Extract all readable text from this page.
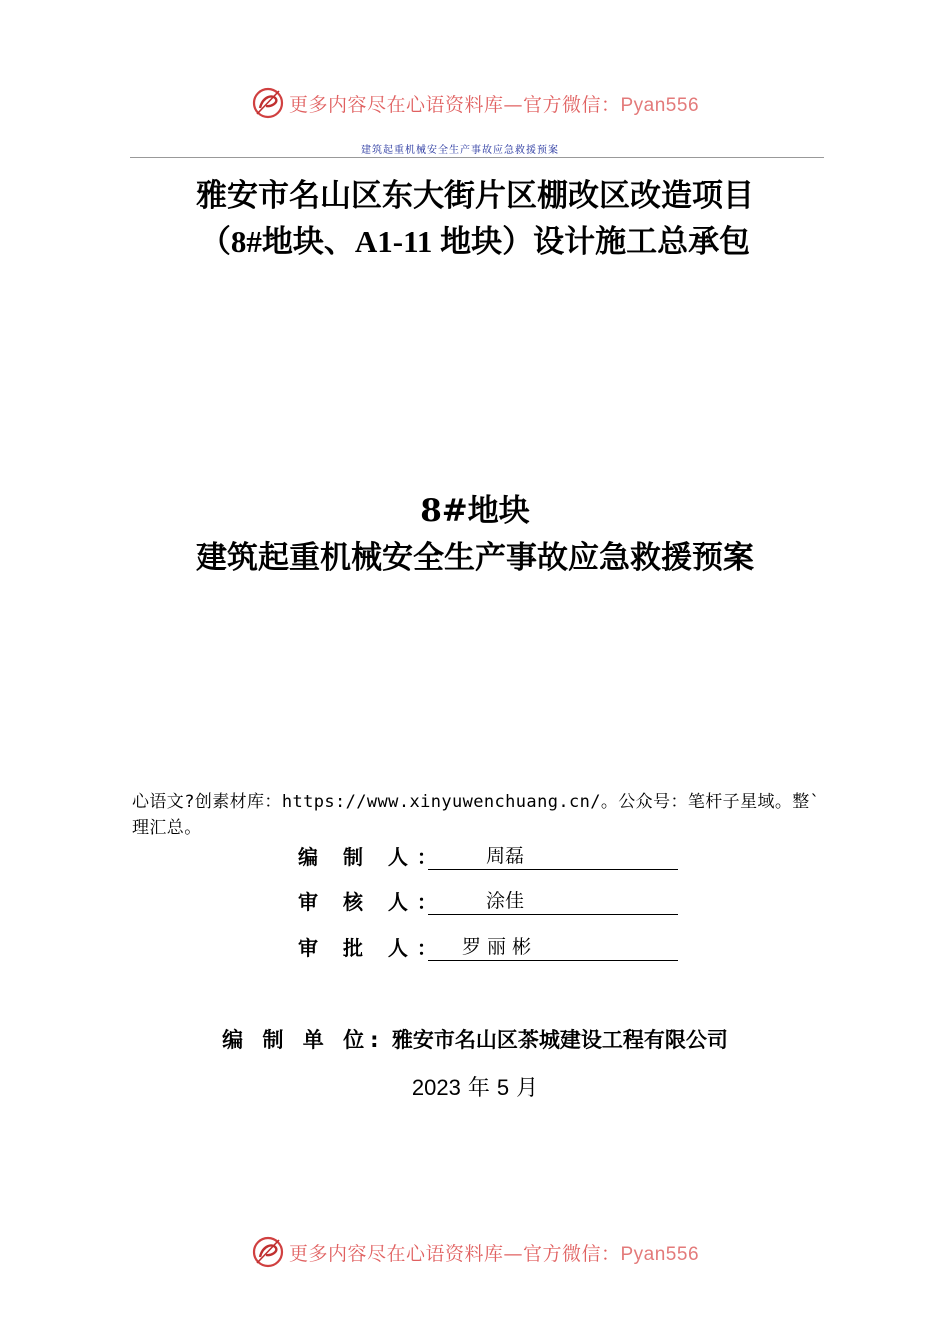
更多内容尽在心语资料库—官方微信：Pyan556
建筑起重机械安全生产事故应急救援预案
雅安市名山区东大街片区棚改区改造项目
（8#地块、A1-11 地块）设计施工总承包
8#地块
建筑起重机械安全生产事故应急救援预案
心语文?创素材库：https://www.xinyuwenchuang.cn/。公众号：笔杆子星域。整`理汇总。
编 制 人：	周磊
审 核 人：	涂佳
审 批 人： 罗 丽 彬
编 制 单 位: 雅安市名山区茶城建设工程有限公司
2023 年 5 月
更多内容尽在心语资料库—官方微信：Pyan556
